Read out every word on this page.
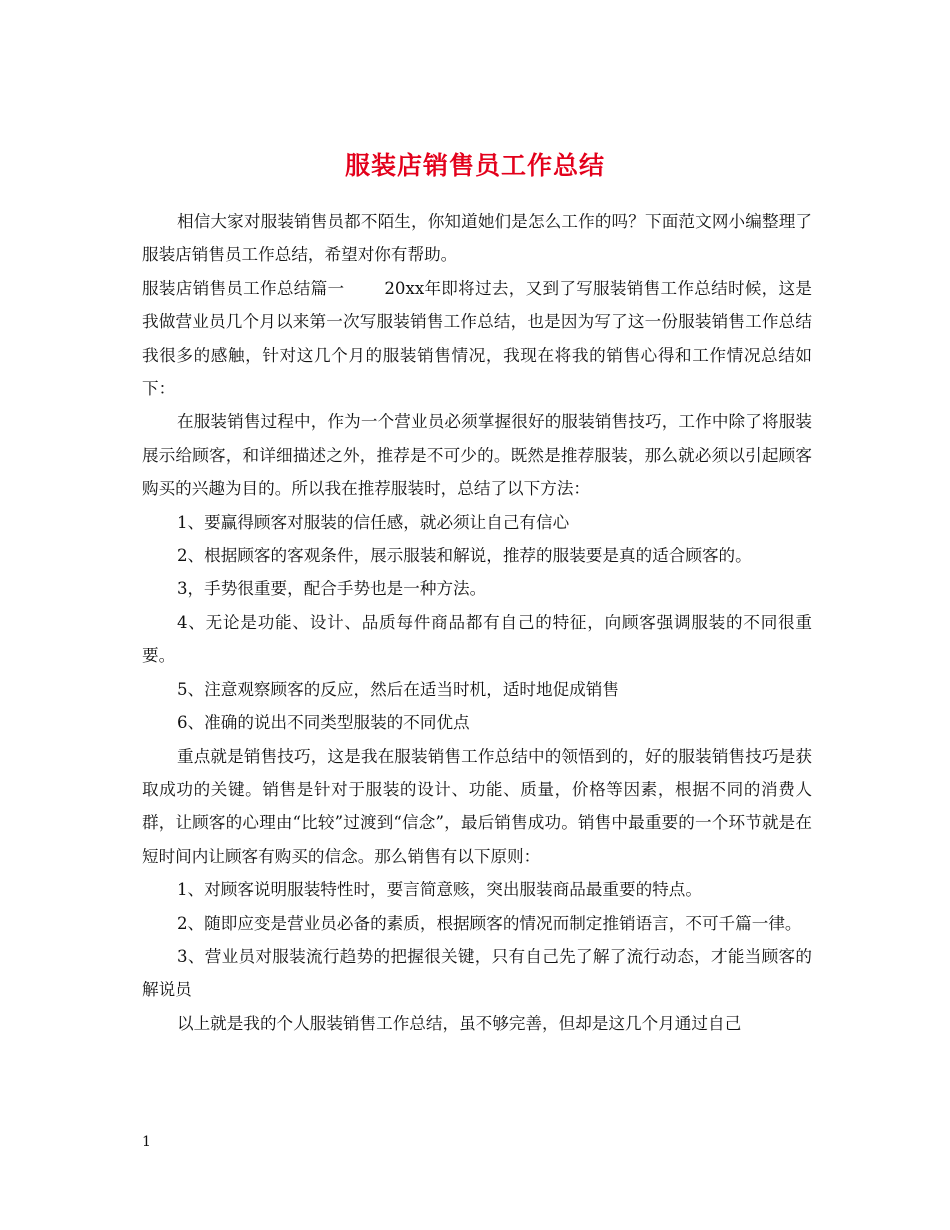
服装店销售员工作总结

相信大家对服装销售员都不陌生，你知道她们是怎么工作的吗？下面范文网小编整理了服装店销售员工作总结，希望对你有帮助。

服装店销售员工作总结篇一 20xx年即将过去，又到了写服装销售工作总结时候，这是我做营业员几个月以来第一次写服装销售工作总结，也是因为写了这一份服装销售工作总结我很多的感触，针对这几个月的服装销售情况，我现在将我的销售心得和工作情况总结如下：

在服装销售过程中，作为一个营业员必须掌握很好的服装销售技巧，工作中除了将服装展示给顾客，和详细描述之外，推荐是不可少的。既然是推荐服装，那么就必须以引起顾客购买的兴趣为目的。所以我在推荐服装时，总结了以下方法：

1、要赢得顾客对服装的信任感，就必须让自己有信心

2、根据顾客的客观条件，展示服装和解说，推荐的服装要是真的适合顾客的。

3，手势很重要，配合手势也是一种方法。

4、无论是功能、设计、品质每件商品都有自己的特征，向顾客强调服装的不同很重要。

5、注意观察顾客的反应，然后在适当时机，适时地促成销售

6、准确的说出不同类型服装的不同优点

重点就是销售技巧，这是我在服装销售工作总结中的领悟到的，好的服装销售技巧是获取成功的关键。销售是针对于服装的设计、功能、质量，价格等因素，根据不同的消费人群，让顾客的心理由“比较”过渡到“信念”，最后销售成功。销售中最重要的一个环节就是在短时间内让顾客有购买的信念。那么销售有以下原则：

1、对顾客说明服装特性时，要言简意赅，突出服装商品最重要的特点。

2、随即应变是营业员必备的素质，根据顾客的情况而制定推销语言，不可千篇一律。

3、营业员对服装流行趋势的把握很关键，只有自己先了解了流行动态，才能当顾客的解说员

以上就是我的个人服装销售工作总结，虽不够完善，但却是这几个月通过自己

1
